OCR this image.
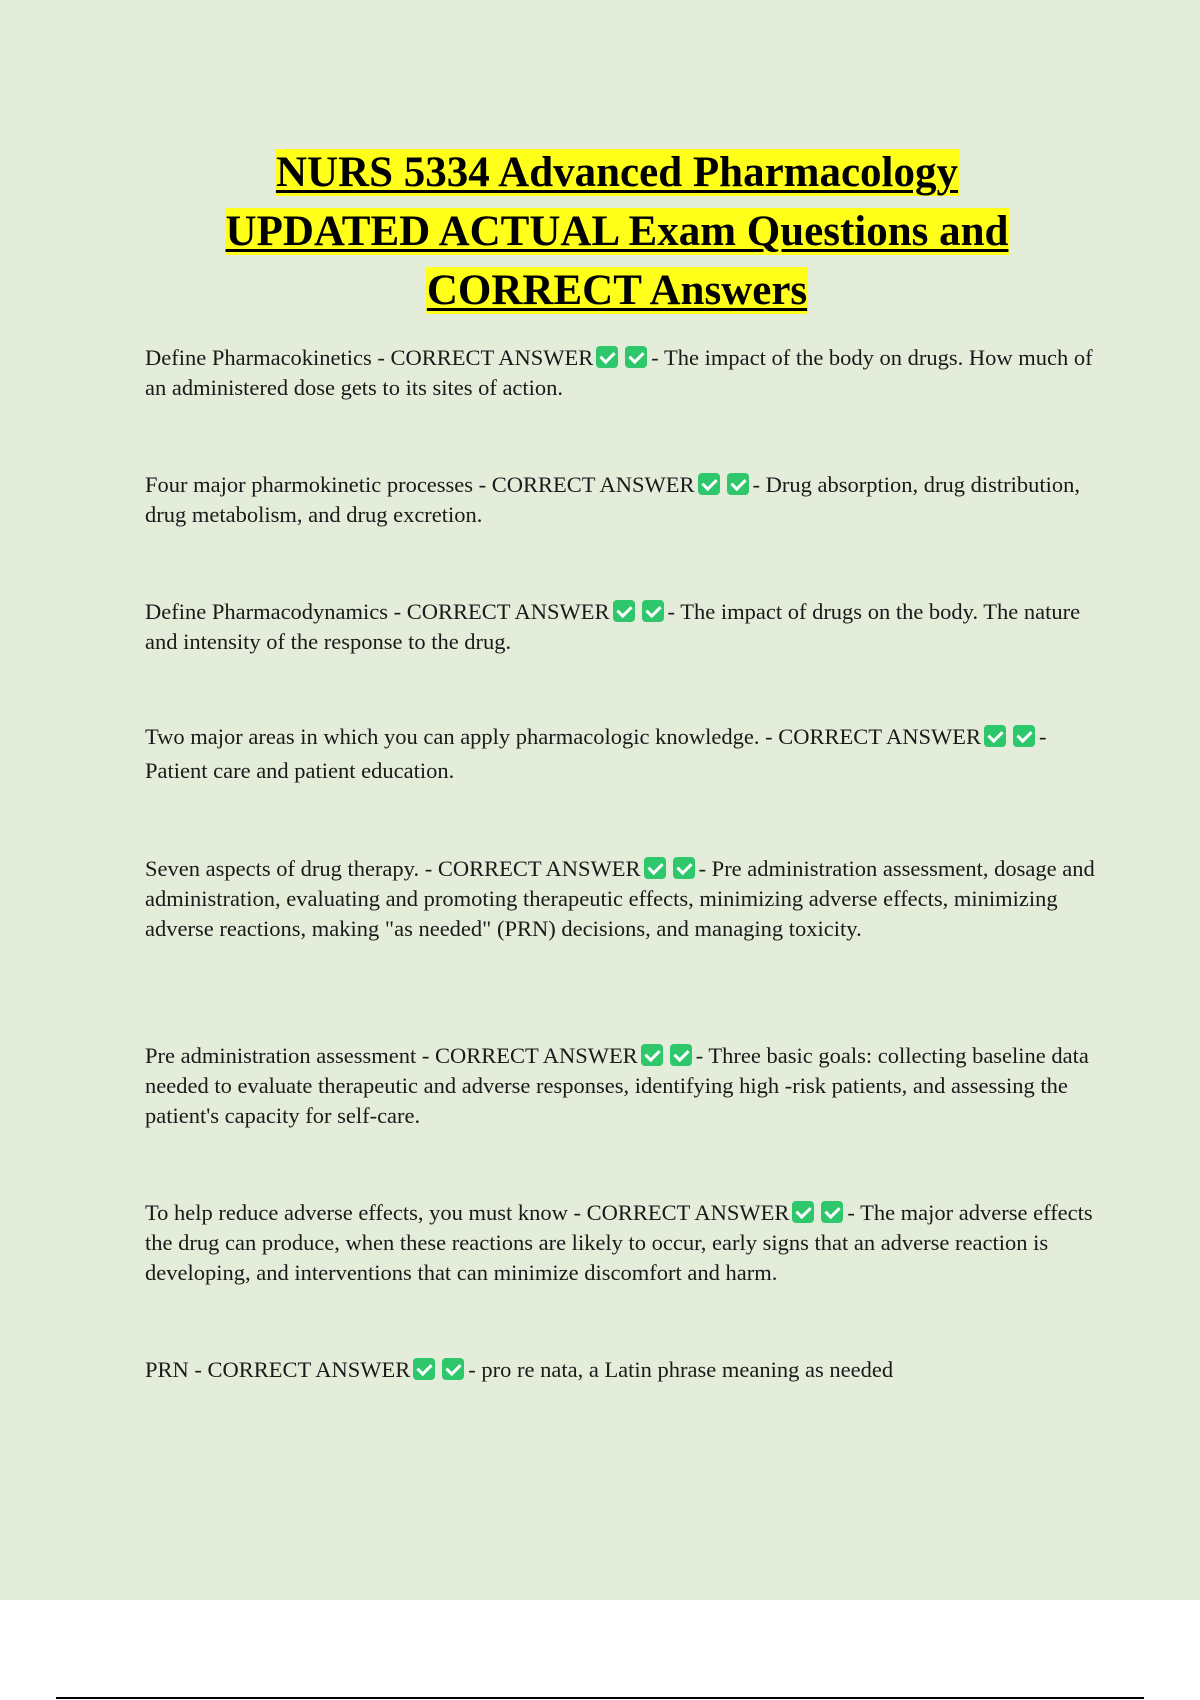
NURS 5334 Advanced Pharmacology
UPDATED ACTUAL Exam Questions and
CORRECT Answers
Define Pharmacokinetics - CORRECT ANSWER	- The impact of the body on drugs. How much of an administered dose gets to its sites of action.
Four major pharmokinetic processes - CORRECT ANSWER	- Drug absorption, drug distribution, drug metabolism, and drug excretion.
Define Pharmacodynamics - CORRECT ANSWER	- The impact of drugs on the body. The nature and intensity of the response to the drug.
Two major areas in which you can apply pharmacologic knowledge. - CORRECT ANSWER	- Patient care and patient education.
Seven aspects of drug therapy. - CORRECT ANSWER	- Pre administration assessment, dosage and administration, evaluating and promoting therapeutic effects, minimizing adverse effects, minimizing adverse reactions, making "as needed" (PRN) decisions, and managing toxicity.
Pre administration assessment - CORRECT ANSWER	- Three basic goals: collecting baseline data needed to evaluate therapeutic and adverse responses, identifying high -risk patients, and assessing the patient's capacity for self-care.
To help reduce adverse effects, you must know - CORRECT ANSWER	- The major adverse effects the drug can produce, when these reactions are likely to occur, early signs that an adverse reaction is developing, and interventions that can minimize discomfort and harm.
PRN - CORRECT ANSWER	- pro re nata, a Latin phrase meaning as needed
